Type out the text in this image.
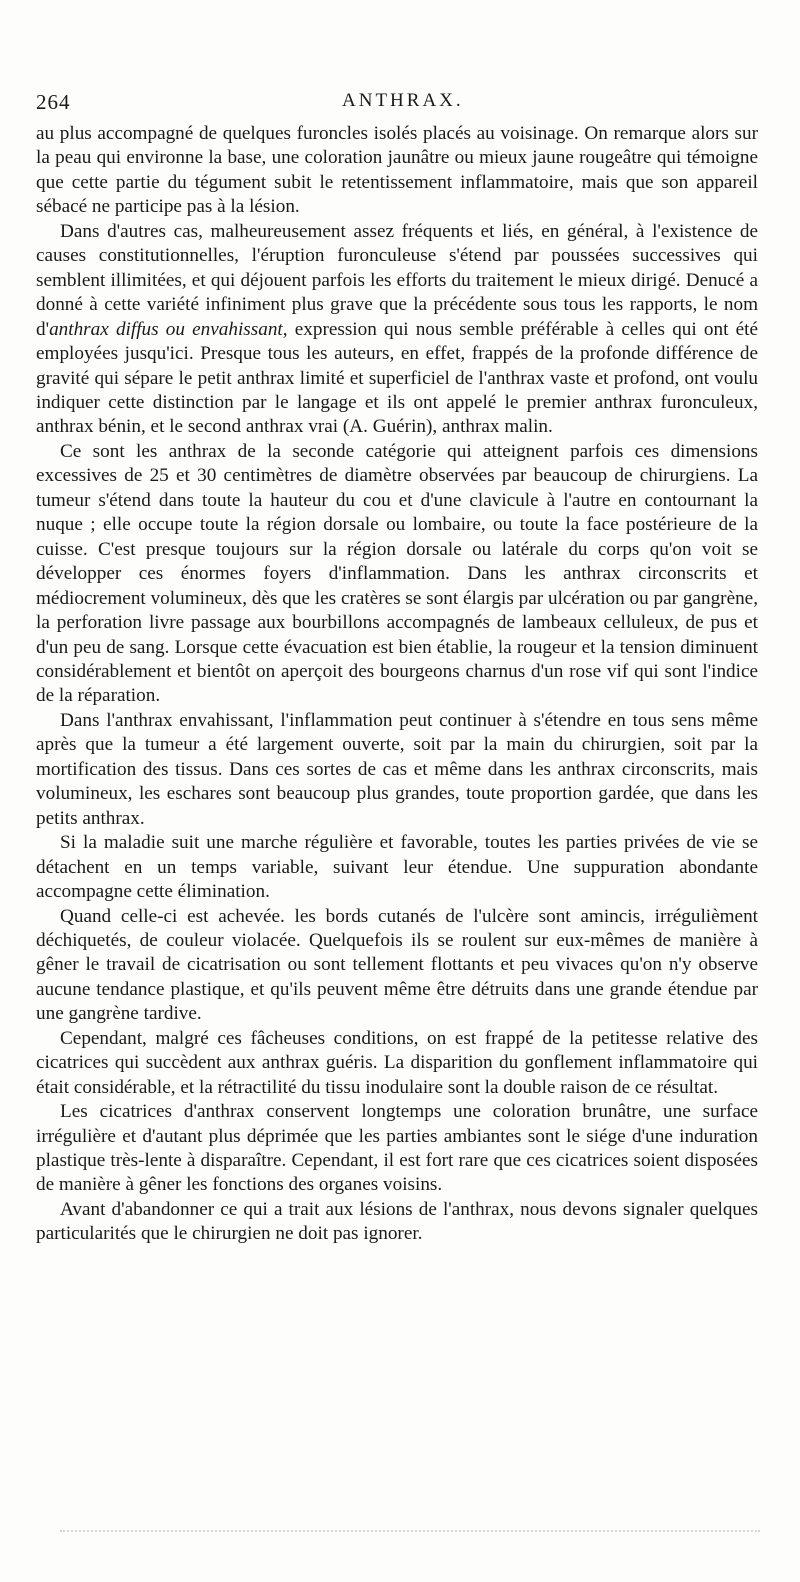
264	ANTHRAX.

au plus accompagné de quelques furoncles isolés placés au voisinage. On remarque alors sur la peau qui environne la base, une coloration jaunâtre ou mieux jaune rougeâtre qui témoigne que cette partie du tégument subit le retentissement inflammatoire, mais que son appareil sébacé ne participe pas à la lésion.

Dans d'autres cas, malheureusement assez fréquents et liés, en général, à l'existence de causes constitutionnelles, l'éruption furonculeuse s'étend par poussées successives qui semblent illimitées, et qui déjouent parfois les efforts du traitement le mieux dirigé. Denucé a donné à cette variété infiniment plus grave que la précédente sous tous les rapports, le nom d'anthrax diffus ou envahissant, expression qui nous semble préférable à celles qui ont été employées jusqu'ici. Presque tous les auteurs, en effet, frappés de la profonde différence de gravité qui sépare le petit anthrax limité et superficiel de l'anthrax vaste et profond, ont voulu indiquer cette distinction par le langage et ils ont appelé le premier anthrax furonculeux, anthrax bénin, et le second anthrax vrai (A. Guérin), anthrax malin.

Ce sont les anthrax de la seconde catégorie qui atteignent parfois ces dimensions excessives de 25 et 30 centimètres de diamètre observées par beaucoup de chirurgiens. La tumeur s'étend dans toute la hauteur du cou et d'une clavicule à l'autre en contournant la nuque ; elle occupe toute la région dorsale ou lombaire, ou toute la face postérieure de la cuisse. C'est presque toujours sur la région dorsale ou latérale du corps qu'on voit se développer ces énormes foyers d'inflammation. Dans les anthrax circonscrits et médiocrement volumineux, dès que les cratères se sont élargis par ulcération ou par gangrène, la perforation livre passage aux bourbillons accompagnés de lambeaux celluleux, de pus et d'un peu de sang. Lorsque cette évacuation est bien établie, la rougeur et la tension diminuent considérablement et bientôt on aperçoit des bourgeons charnus d'un rose vif qui sont l'indice de la réparation.

Dans l'anthrax envahissant, l'inflammation peut continuer à s'étendre en tous sens même après que la tumeur a été largement ouverte, soit par la main du chirurgien, soit par la mortification des tissus. Dans ces sortes de cas et même dans les anthrax circonscrits, mais volumineux, les eschares sont beaucoup plus grandes, toute proportion gardée, que dans les petits anthrax.

Si la maladie suit une marche régulière et favorable, toutes les parties privées de vie se détachent en un temps variable, suivant leur étendue. Une suppuration abondante accompagne cette élimination.

Quand celle-ci est achevée. les bords cutanés de l'ulcère sont amincis, irrégulièment déchiquetés, de couleur violacée. Quelquefois ils se roulent sur eux-mêmes de manière à gêner le travail de cicatrisation ou sont tellement flottants et peu vivaces qu'on n'y observe aucune tendance plastique, et qu'ils peuvent même être détruits dans une grande étendue par une gangrène tardive.

Cependant, malgré ces fâcheuses conditions, on est frappé de la petitesse relative des cicatrices qui succèdent aux anthrax guéris. La disparition du gonflement inflammatoire qui était considérable, et la rétractilité du tissu inodulaire sont la double raison de ce résultat.

Les cicatrices d'anthrax conservent longtemps une coloration brunâtre, une surface irrégulière et d'autant plus déprimée que les parties ambiantes sont le siége d'une induration plastique très-lente à disparaître. Cependant, il est fort rare que ces cicatrices soient disposées de manière à gêner les fonctions des organes voisins.

Avant d'abandonner ce qui a trait aux lésions de l'anthrax, nous devons signaler quelques particularités que le chirurgien ne doit pas ignorer.
